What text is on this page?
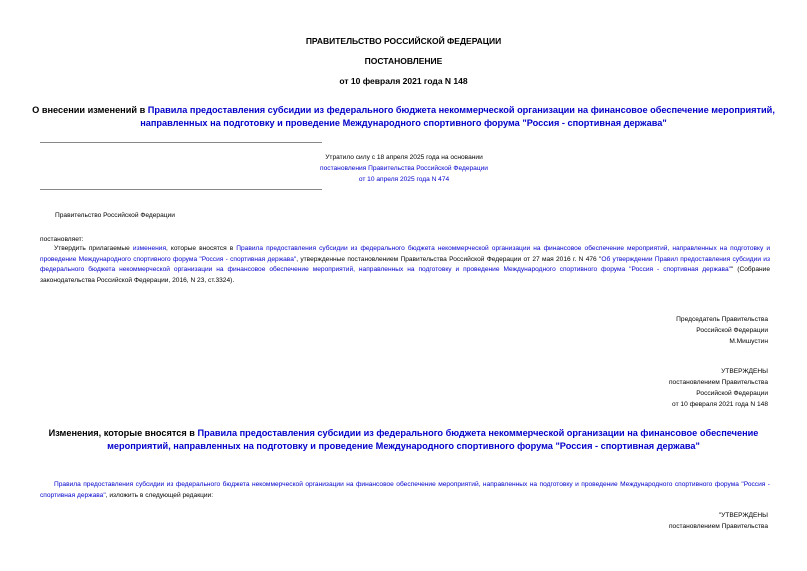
ПРАВИТЕЛЬСТВО РОССИЙСКОЙ ФЕДЕРАЦИИ
ПОСТАНОВЛЕНИЕ
от 10 февраля 2021 года N 148
О внесении изменений в Правила предоставления субсидии из федерального бюджета некоммерческой организации на финансовое обеспечение мероприятий, направленных на подготовку и проведение Международного спортивного форума "Россия - спортивная держава"
Утратило силу с 18 апреля 2025 года на основании
постановления Правительства Российской Федерации
от 10 апреля 2025 года N 474
Правительство Российской Федерации
постановляет:
Утвердить прилагаемые изменения, которые вносятся в Правила предоставления субсидии из федерального бюджета некоммерческой организации на финансовое обеспечение мероприятий, направленных на подготовку и проведение Международного спортивного форума "Россия - спортивная держава", утвержденные постановлением Правительства Российской Федерации от 27 мая 2016 г. N 476 "Об утверждении Правил предоставления субсидии из федерального бюджета некоммерческой организации на финансовое обеспечение мероприятий, направленных на подготовку и проведение Международного спортивного форума "Россия - спортивная держава"" (Собрание законодательства Российской Федерации, 2016, N 23, ст.3324).
Председатель Правительства
Российской Федерации
М.Мишустин
УТВЕРЖДЕНЫ
постановлением Правительства
Российской Федерации
от 10 февраля 2021 года N 148
Изменения, которые вносятся в Правила предоставления субсидии из федерального бюджета некоммерческой организации на финансовое обеспечение мероприятий, направленных на подготовку и проведение Международного спортивного форума "Россия - спортивная держава"
Правила предоставления субсидии из федерального бюджета некоммерческой организации на финансовое обеспечение мероприятий, направленных на подготовку и проведение Международного спортивного форума "Россия - спортивная держава", изложить в следующей редакции:
"УТВЕРЖДЕНЫ
постановлением Правительства
